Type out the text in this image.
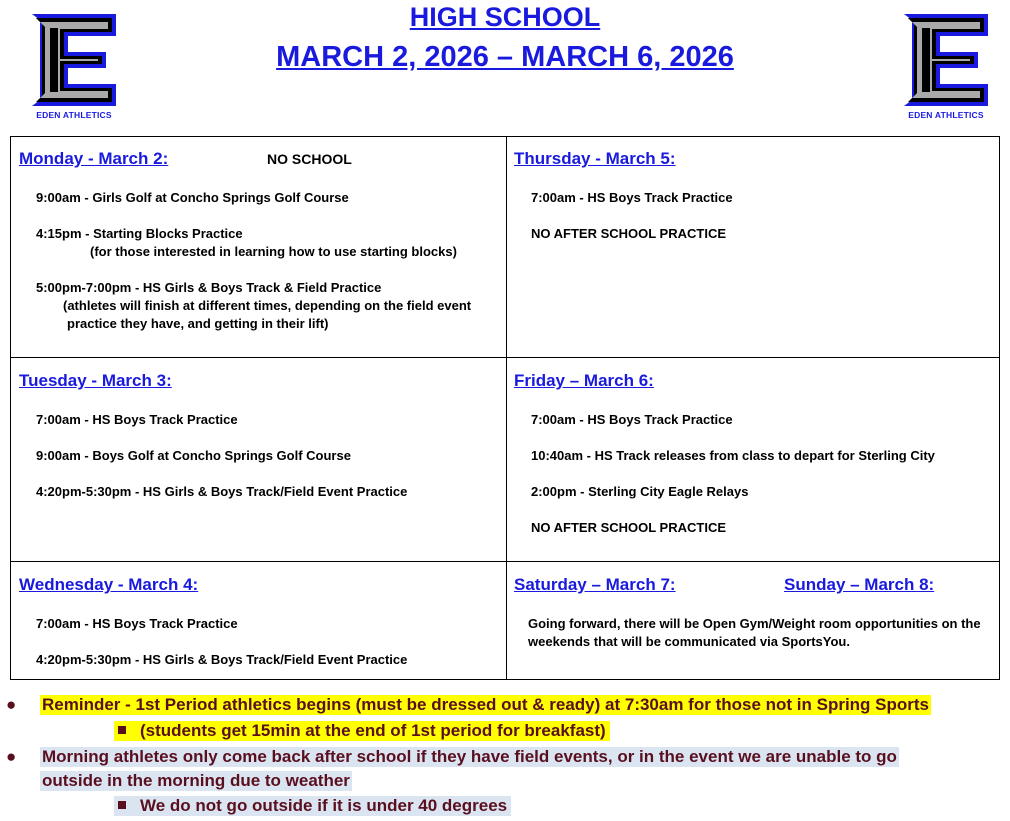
EDEN ATHLETICS
HIGH SCHOOL
MARCH 2, 2026 – MARCH 6, 2026
EDEN ATHLETICS
Monday - March 2:	NO SCHOOL
9:00am - Girls Golf at Concho Springs Golf Course
4:15pm - Starting Blocks Practice
(for those interested in learning how to use starting blocks)
5:00pm-7:00pm - HS Girls & Boys Track & Field Practice
(athletes will finish at different times, depending on the field event
practice they have, and getting in their lift)
Thursday - March 5:
7:00am - HS Boys Track Practice
NO AFTER SCHOOL PRACTICE
Tuesday - March 3:
7:00am - HS Boys Track Practice
9:00am - Boys Golf at Concho Springs Golf Course
4:20pm-5:30pm - HS Girls & Boys Track/Field Event Practice
Friday – March 6:
7:00am - HS Boys Track Practice
10:40am - HS Track releases from class to depart for Sterling City
2:00pm - Sterling City Eagle Relays
NO AFTER SCHOOL PRACTICE
Wednesday - March 4:
7:00am - HS Boys Track Practice
4:20pm-5:30pm - HS Girls & Boys Track/Field Event Practice
Saturday – March 7:	Sunday – March 8:
Going forward, there will be Open Gym/Weight room opportunities on the
weekends that will be communicated via SportsYou.
● Reminder - 1st Period athletics begins (must be dressed out & ready) at 7:30am for those not in Spring Sports
(students get 15min at the end of 1st period for breakfast)
● Morning athletes only come back after school if they have field events, or in the event we are unable to go
outside in the morning due to weather
We do not go outside if it is under 40 degrees
